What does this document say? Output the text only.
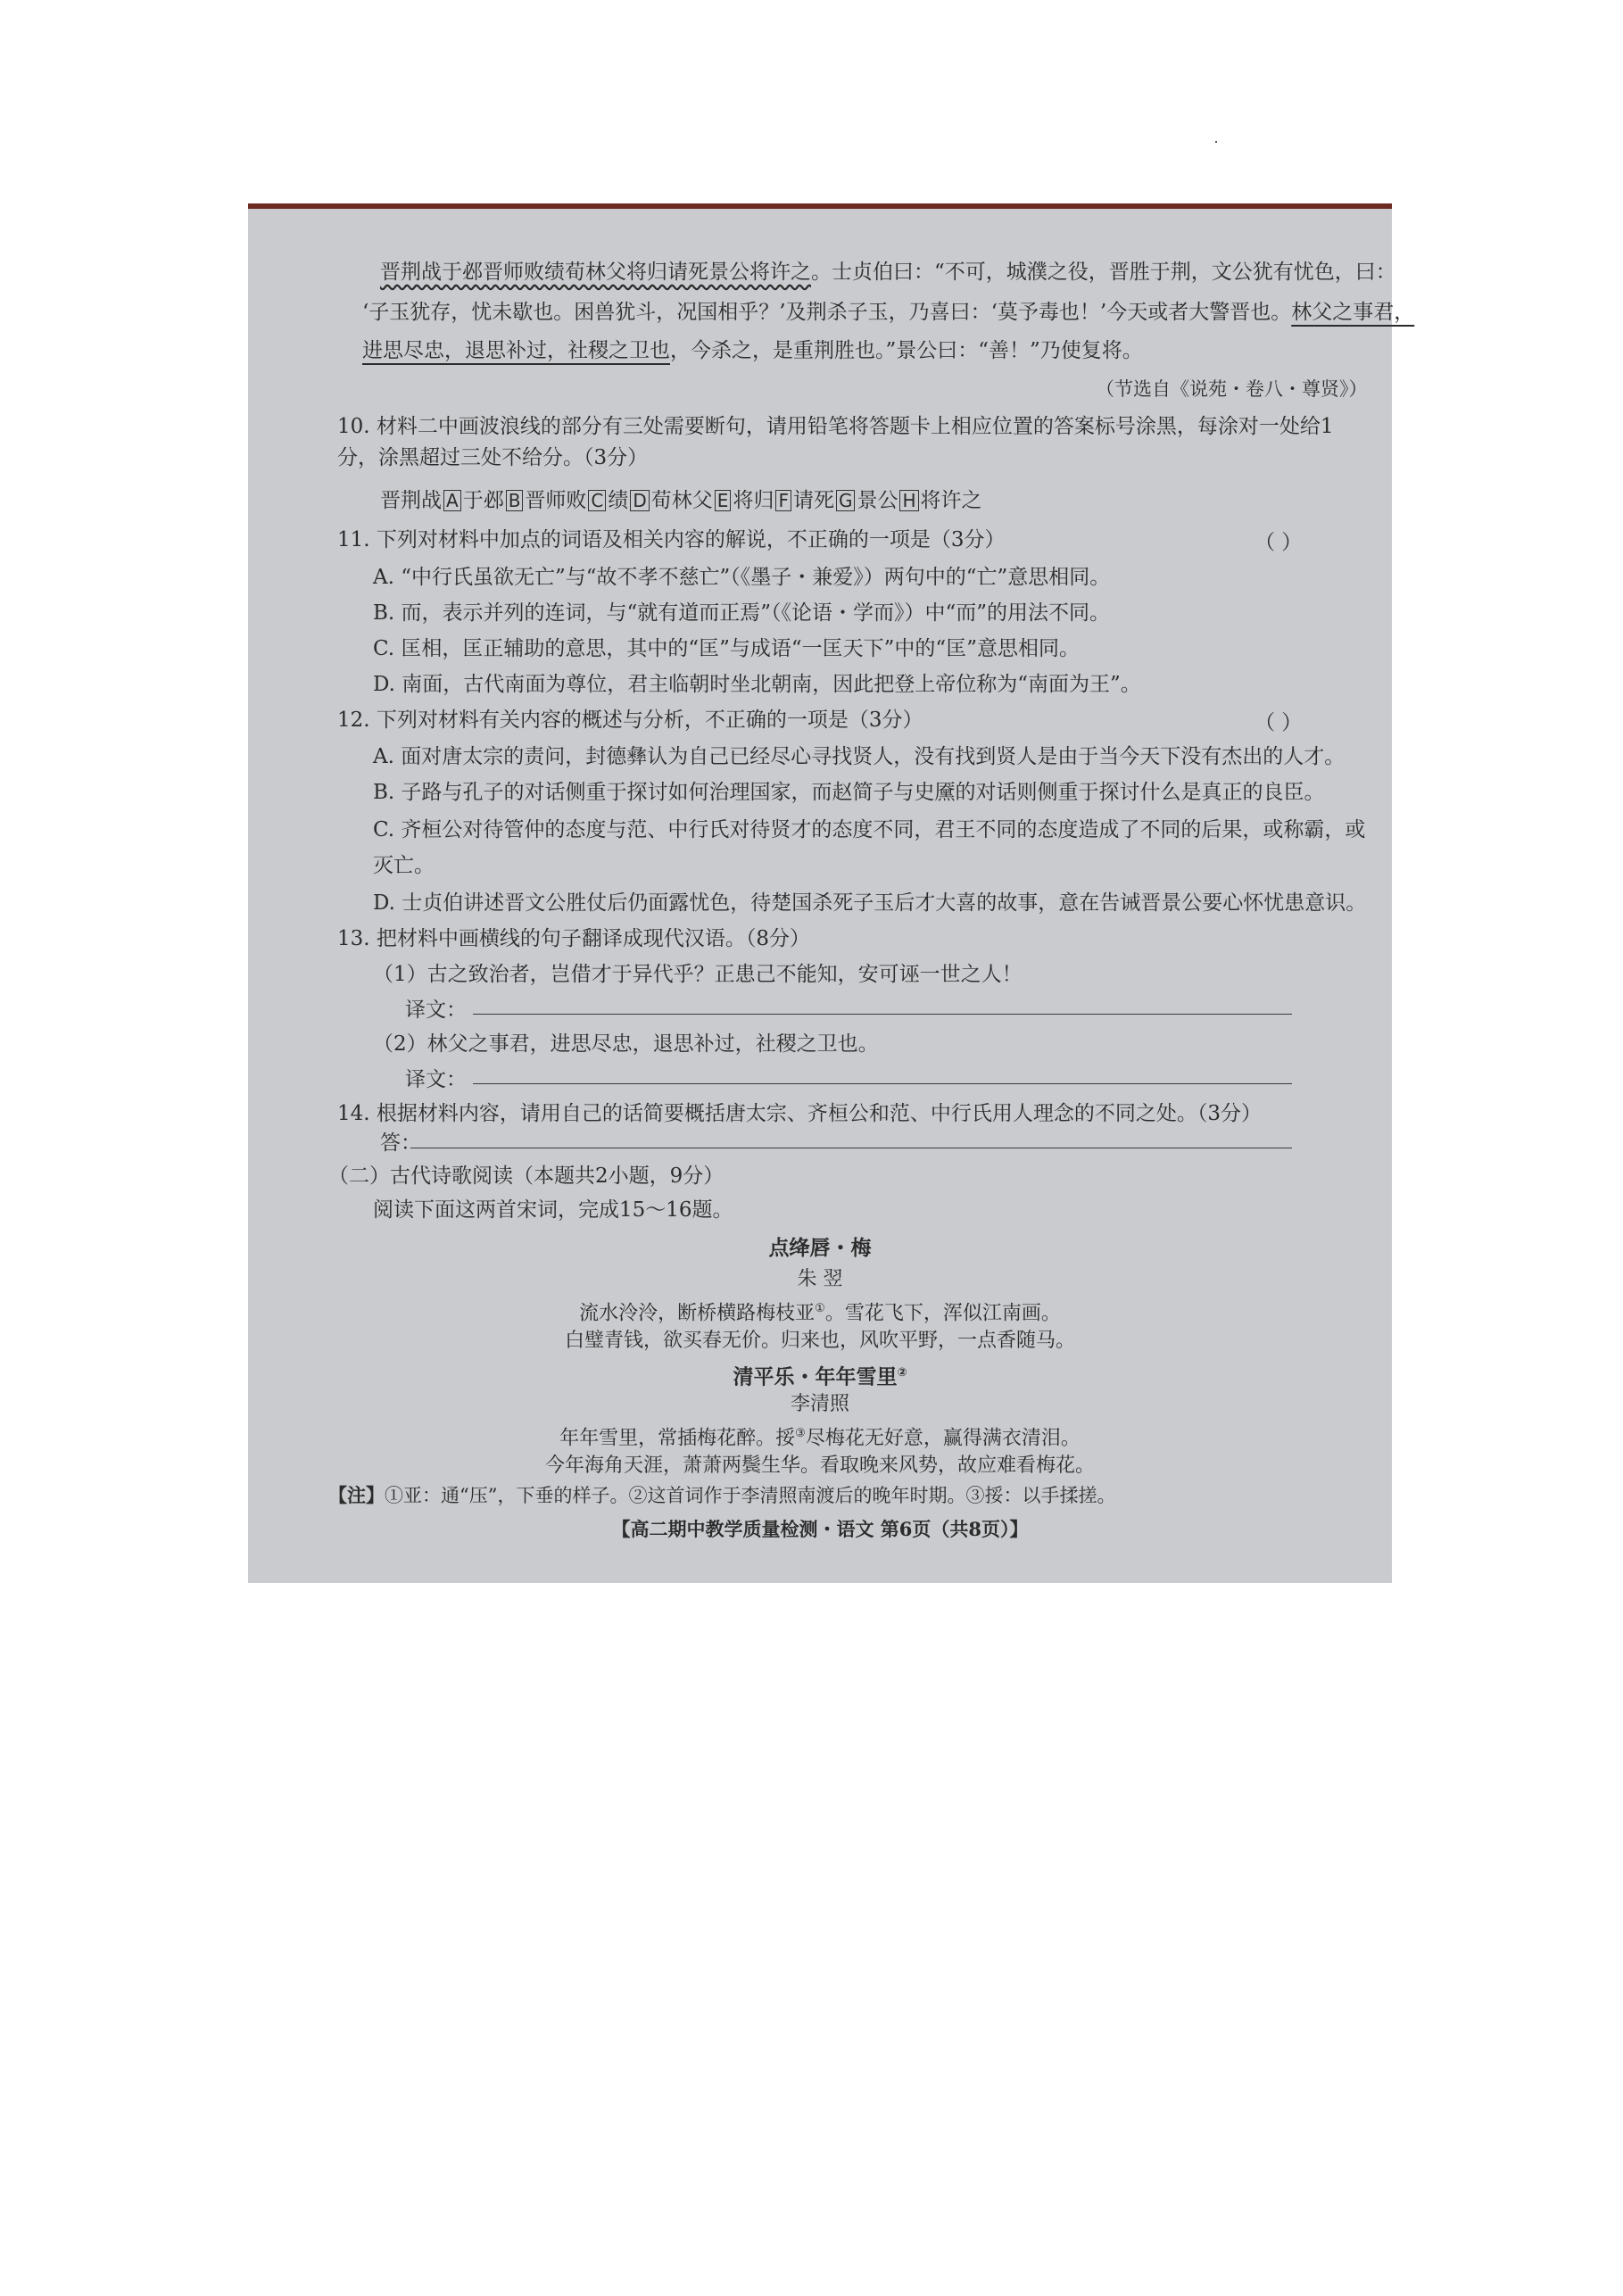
晋荆战于邲晋师败绩荀林父将归请死景公将许之。士贞伯曰：“不可，城濮之役，晋胜于荆，文公犹有忧色，曰：
‘子玉犹存，忧未歇也。困兽犹斗，况国相乎？’及荆杀子玉，乃喜曰：‘莫予毒也！’今天或者大警晋也。林父之事君，
进思尽忠，退思补过，社稷之卫也，今杀之，是重荆胜也。”景公曰：“善！”乃使复将。
（节选自《说苑・卷八・尊贤》）
10. 材料二中画波浪线的部分有三处需要断句，请用铅笔将答题卡上相应位置的答案标号涂黑，每涂对一处给1
分，涂黑超过三处不给分。（3分）
晋荆战 A 于邲 B 晋师败 C 绩 D 荀林父 E 将归 F 请死 G 景公 H 将许之
11. 下列对材料中加点的词语及相关内容的解说，不正确的一项是（3分）	（ ）
A. “中行氏虽欲无亡”与“故不孝不慈亡”（《墨子・兼爱》）两句中的“亡”意思相同。
B. 而，表示并列的连词，与“就有道而正焉”（《论语・学而》）中“而”的用法不同。
C. 匡相，匡正辅助的意思，其中的“匡”与成语“一匡天下”中的“匡”意思相同。
D. 南面，古代南面为尊位，君主临朝时坐北朝南，因此把登上帝位称为“南面为王”。
12. 下列对材料有关内容的概述与分析，不正确的一项是（3分）	（ ）
A. 面对唐太宗的责问，封德彝认为自己已经尽心寻找贤人，没有找到贤人是由于当今天下没有杰出的人才。
B. 子路与孔子的对话侧重于探讨如何治理国家，而赵简子与史黡的对话则侧重于探讨什么是真正的良臣。
C. 齐桓公对待管仲的态度与范、中行氏对待贤才的态度不同，君王不同的态度造成了不同的后果，或称霸，或
灭亡。
D. 士贞伯讲述晋文公胜仗后仍面露忧色，待楚国杀死子玉后才大喜的故事，意在告诫晋景公要心怀忧患意识。
13. 把材料中画横线的句子翻译成现代汉语。（8分）
（1）古之致治者，岂借才于异代乎？正患己不能知，安可诬一世之人！
译文：
（2）林父之事君，进思尽忠，退思补过，社稷之卫也。
译文：
14. 根据材料内容，请用自己的话简要概括唐太宗、齐桓公和范、中行氏用人理念的不同之处。（3分）
答：
（二）古代诗歌阅读（本题共2小题，9分）
阅读下面这两首宋词，完成15～16题。
点绛唇・梅
朱 翌
流水泠泠，断桥横路梅枝亚①。雪花飞下，浑似江南画。
白璧青钱，欲买春无价。归来也，风吹平野，一点香随马。
清平乐・年年雪里②
李清照
年年雪里，常插梅花醉。挼③尽梅花无好意，赢得满衣清泪。
今年海角天涯，萧萧两鬓生华。看取晚来风势，故应难看梅花。
【注】①亚：通“压”，下垂的样子。②这首词作于李清照南渡后的晚年时期。③挼：以手揉搓。
【高二期中教学质量检测・语文 第6页（共8页）】
